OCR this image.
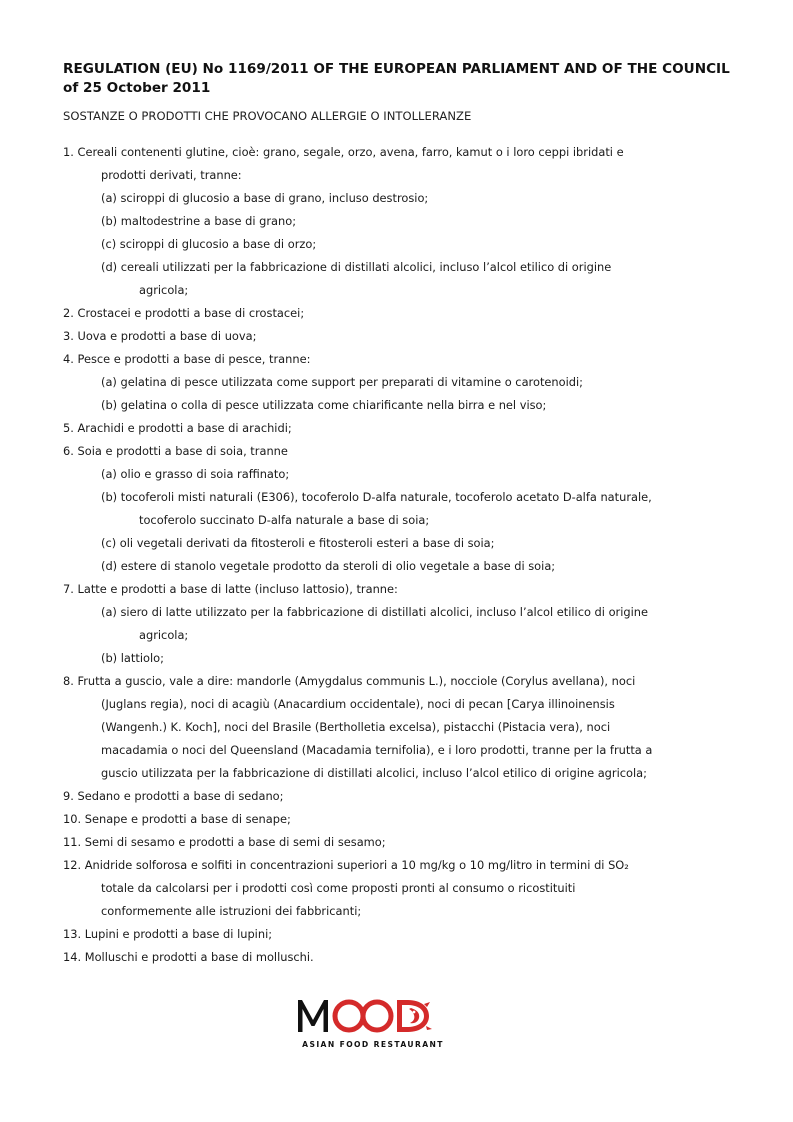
REGULATION (EU) No 1169/2011 OF THE EUROPEAN PARLIAMENT AND OF THE COUNCIL of 25 October 2011

SOSTANZE O PRODOTTI CHE PROVOCANO ALLERGIE O INTOLLERANZE

1. Cereali contenenti glutine, cioè: grano, segale, orzo, avena, farro, kamut o i loro ceppi ibridati e
prodotti derivati, tranne:
(a) sciroppi di glucosio a base di grano, incluso destrosio;
(b) maltodestrine a base di grano;
(c) sciroppi di glucosio a base di orzo;
(d) cereali utilizzati per la fabbricazione di distillati alcolici, incluso l’alcol etilico di origine
agricola;
2. Crostacei e prodotti a base di crostacei;
3. Uova e prodotti a base di uova;
4. Pesce e prodotti a base di pesce, tranne:
(a) gelatina di pesce utilizzata come support per preparati di vitamine o carotenoidi;
(b) gelatina o colla di pesce utilizzata come chiarificante nella birra e nel viso;
5. Arachidi e prodotti a base di arachidi;
6. Soia e prodotti a base di soia, tranne
(a) olio e grasso di soia raffinato;
(b) tocoferoli misti naturali (E306), tocoferolo D-alfa naturale, tocoferolo acetato D-alfa naturale,
tocoferolo succinato D-alfa naturale a base di soia;
(c) oli vegetali derivati da fitosteroli e fitosteroli esteri a base di soia;
(d) estere di stanolo vegetale prodotto da steroli di olio vegetale a base di soia;
7. Latte e prodotti a base di latte (incluso lattosio), tranne:
(a) siero di latte utilizzato per la fabbricazione di distillati alcolici, incluso l’alcol etilico di origine
agricola;
(b) lattiolo;
8. Frutta a guscio, vale a dire: mandorle (Amygdalus communis L.), nocciole (Corylus avellana), noci
(Juglans regia), noci di acagiù (Anacardium occidentale), noci di pecan [Carya illinoinensis
(Wangenh.) K. Koch], noci del Brasile (Bertholletia excelsa), pistacchi (Pistacia vera), noci
macadamia o noci del Queensland (Macadamia ternifolia), e i loro prodotti, tranne per la frutta a
guscio utilizzata per la fabbricazione di distillati alcolici, incluso l’alcol etilico di origine agricola;
9. Sedano e prodotti a base di sedano;
10. Senape e prodotti a base di senape;
11. Semi di sesamo e prodotti a base di semi di sesamo;
12. Anidride solforosa e solfiti in concentrazioni superiori a 10 mg/kg o 10 mg/litro in termini di SO₂
totale da calcolarsi per i prodotti così come proposti pronti al consumo o ricostituiti
conformemente alle istruzioni dei fabbricanti;
13. Lupini e prodotti a base di lupini;
14. Molluschi e prodotti a base di molluschi.
ASIAN FOOD RESTAURANT
